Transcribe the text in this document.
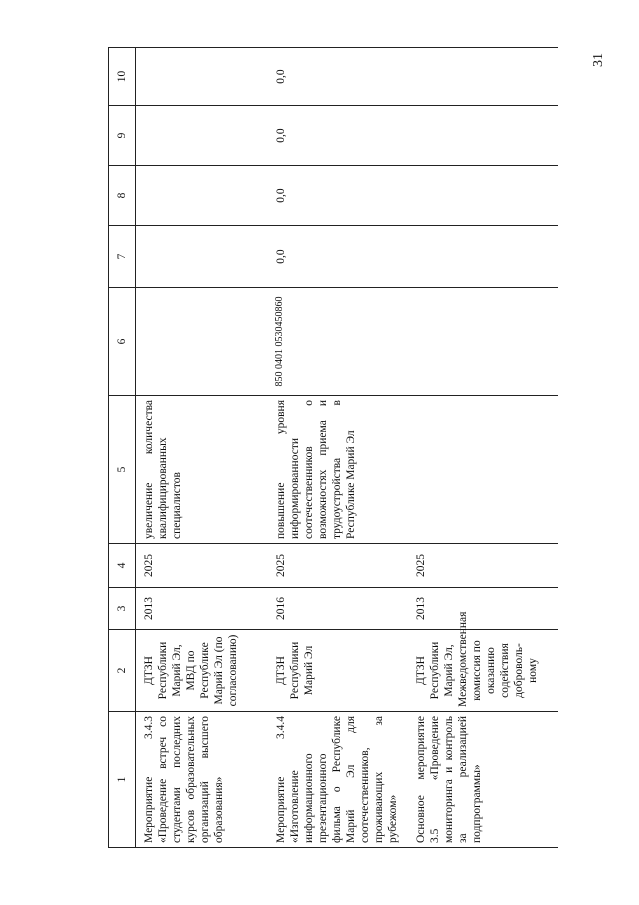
31
1	2	3	4	5	6	7	8	9	10
Мероприятие 3.4.3 «Проведение встреч со студентами последних курсов образовательных организаций высшего образования»	ДТЗН Республики Марий Эл, МВД по Республике Марий Эл (по согласованию)	2013	2025	увеличение количества квалифицированных специалистов					
Мероприятие 3.4.4 «Изготовление информационного презентационного фильма о Республике Марий Эл для соотечественников, проживающих за рубежом»	ДТЗН Республики Марий Эл	2016	2025	повышение уровня информированности соотечественников о возможностях приема и трудоустройства в Республике Марий Эл	850 0401 0530450860	0,0	0,0	0,0	0,0
Основное мероприятие 3.5 «Проведение мониторинга и контроль за реализацией подпрограммы»	ДТЗН Республики Марий Эл, Межведомственная комиссия по оказанию содействия доброволь-ному	2013	2025						
